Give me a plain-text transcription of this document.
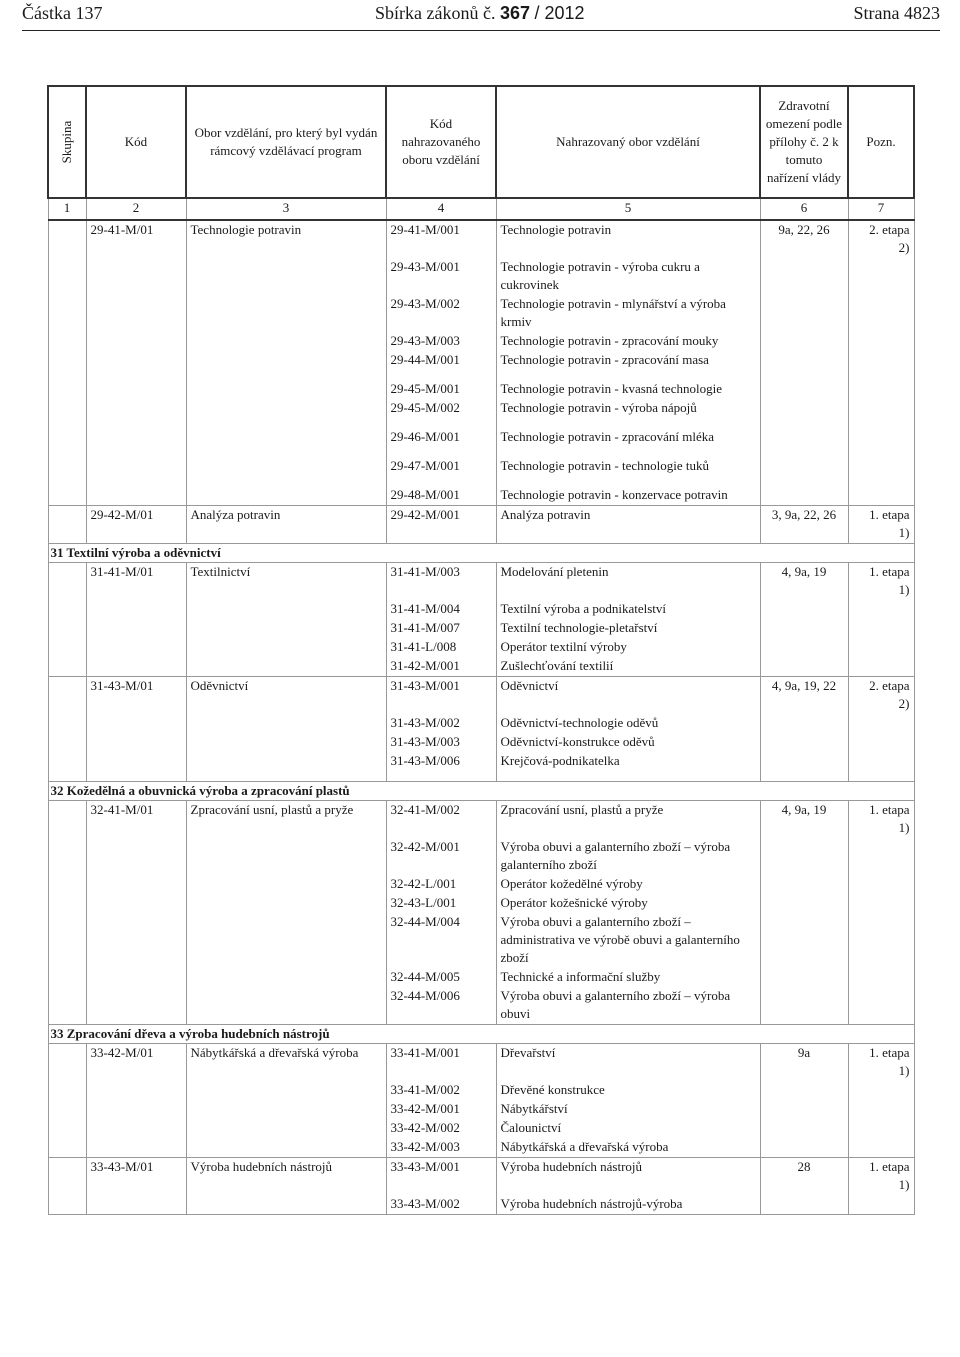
Částka 137	Sbírka zákonů č. 367 / 2012	Strana 4823
Skupina	Kód	Obor vzdělání, pro který byl vydán rámcový vzdělávací program	Kód nahrazovaného oboru vzdělání	Nahrazovaný obor vzdělání	Zdravotní omezení podle přílohy č. 2 k tomuto nařízení vlády	Pozn.
1	2	3	4	5	6	7
	29-41-M/01	Technologie potravin	29-41-M/001	Technologie potravin	9a, 22, 26	2. etapa 2)
			29-43-M/001	Technologie potravin - výroba cukru a cukrovinek		
			29-43-M/002	Technologie potravin - mlynářství a výroba krmiv		
			29-43-M/003	Technologie potravin - zpracování mouky		
			29-44-M/001	Technologie potravin - zpracování masa		
			29-45-M/001	Technologie potravin - kvasná technologie		
			29-45-M/002	Technologie potravin - výroba nápojů		
			29-46-M/001	Technologie potravin - zpracování mléka		
			29-47-M/001	Technologie potravin - technologie tuků		
			29-48-M/001	Technologie potravin - konzervace potravin		
	29-42-M/01	Analýza potravin	29-42-M/001	Analýza potravin	3, 9a, 22, 26	1. etapa 1)
31 Textilní výroba a oděvnictví						
	31-41-M/01	Textilnictví	31-41-M/003	Modelování pletenin	4, 9a, 19	1. etapa 1)
			31-41-M/004	Textilní výroba a podnikatelství		
			31-41-M/007	Textilní technologie-pletařství		
			31-41-L/008	Operátor textilní výroby		
			31-42-M/001	Zušlechťování textilií		
	31-43-M/01	Oděvnictví	31-43-M/001	Oděvnictví	4, 9a, 19, 22	2. etapa 2)
			31-43-M/002	Oděvnictví-technologie oděvů		
			31-43-M/003	Oděvnictví-konstrukce oděvů		
			31-43-M/006	Krejčová-podnikatelka		
32 Kožedělná a obuvnická výroba a zpracování plastů						
	32-41-M/01	Zpracování usní, plastů a pryže	32-41-M/002	Zpracování usní, plastů a pryže	4, 9a, 19	1. etapa 1)
			32-42-M/001	Výroba obuvi a galanterního zboží – výroba galanterního zboží		
			32-42-L/001	Operátor kožedělné výroby		
			32-43-L/001	Operátor kožešnické výroby		
			32-44-M/004	Výroba obuvi a galanterního zboží – administrativa ve výrobě obuvi a galanterního zboží		
			32-44-M/005	Technické a informační služby		
			32-44-M/006	Výroba obuvi a galanterního zboží – výroba obuvi		
33 Zpracování dřeva a výroba hudebních nástrojů						
	33-42-M/01	Nábytkářská a dřevařská výroba	33-41-M/001	Dřevařství	9a	1. etapa 1)
			33-41-M/002	Dřevěné konstrukce		
			33-42-M/001	Nábytkářství		
			33-42-M/002	Čalounictví		
			33-42-M/003	Nábytkářská a dřevařská výroba		
	33-43-M/01	Výroba hudebních nástrojů	33-43-M/001	Výroba hudebních nástrojů	28	1. etapa 1)
			33-43-M/002	Výroba hudebních nástrojů-výroba		
